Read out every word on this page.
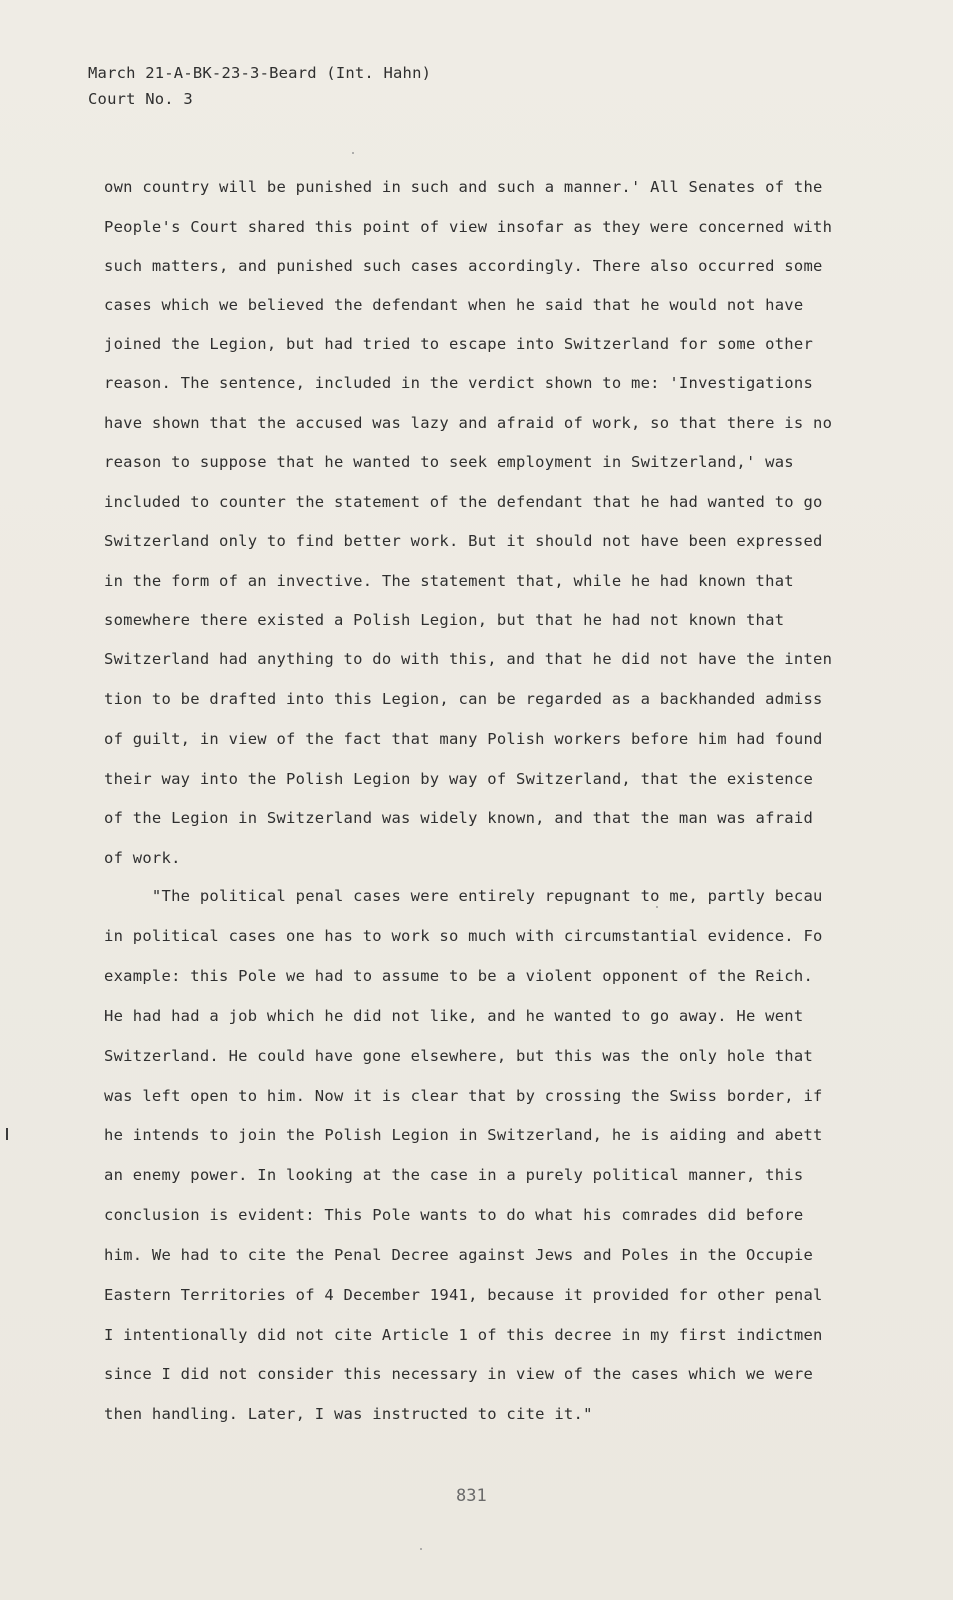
March 21-A-BK-23-3-Beard (Int. Hahn)
Court No. 3
own country will be punished in such and such a manner.' All Senates of the
People's Court shared this point of view insofar as they were concerned with
such matters, and punished such cases accordingly. There also occurred some
cases which we believed the defendant when he said that he would not have
joined the Legion, but had tried to escape into Switzerland for some other
reason. The sentence, included in the verdict shown to me: 'Investigations
have shown that the accused was lazy and afraid of work, so that there is no
reason to suppose that he wanted to seek employment in Switzerland,' was
included to counter the statement of the defendant that he had wanted to go
Switzerland only to find better work. But it should not have been expressed
in the form of an invective. The statement that, while he had known that
somewhere there existed a Polish Legion, but that he had not known that
Switzerland had anything to do with this, and that he did not have the inten
tion to be drafted into this Legion, can be regarded as a backhanded admiss
of guilt, in view of the fact that many Polish workers before him had found
their way into the Polish Legion by way of Switzerland, that the existence
of the Legion in Switzerland was widely known, and that the man was afraid
of work.
"The political penal cases were entirely repugnant to me, partly becau
in political cases one has to work so much with circumstantial evidence. Fo
example: this Pole we had to assume to be a violent opponent of the Reich.
He had had a job which he did not like, and he wanted to go away. He went
Switzerland. He could have gone elsewhere, but this was the only hole that
was left open to him. Now it is clear that by crossing the Swiss border, if
he intends to join the Polish Legion in Switzerland, he is aiding and abett
an enemy power. In looking at the case in a purely political manner, this
conclusion is evident: This Pole wants to do what his comrades did before
him. We had to cite the Penal Decree against Jews and Poles in the Occupie
Eastern Territories of 4 December 1941, because it provided for other penal
I intentionally did not cite Article 1 of this decree in my first indictmen
since I did not consider this necessary in view of the cases which we were
then handling. Later, I was instructed to cite it."
831
